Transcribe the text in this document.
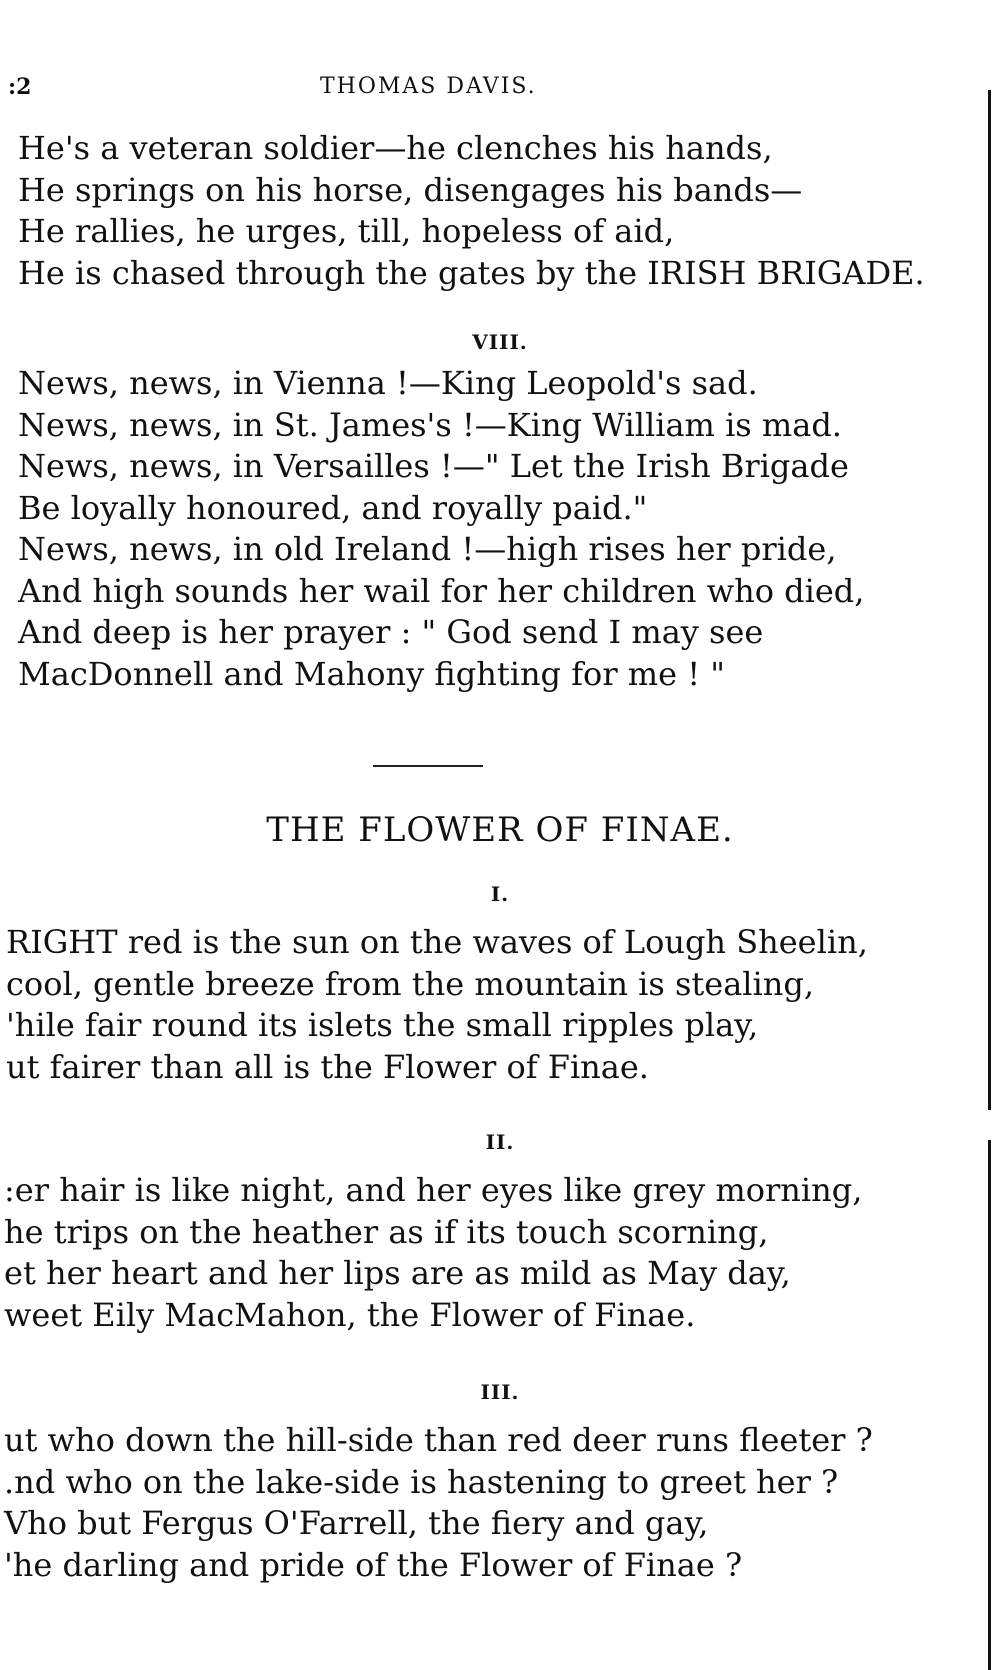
:2	THOMAS DAVIS.
He's a veteran soldier—he clenches his hands,
He springs on his horse, disengages his bands—
He rallies, he urges, till, hopeless of aid,
He is chased through the gates by the IRISH BRIGADE.
VIII.
News, news, in Vienna !—King Leopold's sad.
News, news, in St. James's !—King William is mad.
News, news, in Versailles !—" Let the Irish Brigade
Be loyally honoured, and royally paid."
News, news, in old Ireland !—high rises her pride,
And high sounds her wail for her children who died,
And deep is her prayer : " God send I may see
MacDonnell and Mahony fighting for me ! "
THE FLOWER OF FINAE.
I.
RIGHT red is the sun on the waves of Lough Sheelin,
cool, gentle breeze from the mountain is stealing,
'hile fair round its islets the small ripples play,
ut fairer than all is the Flower of Finae.
II.
:er hair is like night, and her eyes like grey morning,
he trips on the heather as if its touch scorning,
et her heart and her lips are as mild as May day,
weet Eily MacMahon, the Flower of Finae.
III.
ut who down the hill-side than red deer runs fleeter ?
.nd who on the lake-side is hastening to greet her ?
Vho but Fergus O'Farrell, the fiery and gay,
'he darling and pride of the Flower of Finae ?
